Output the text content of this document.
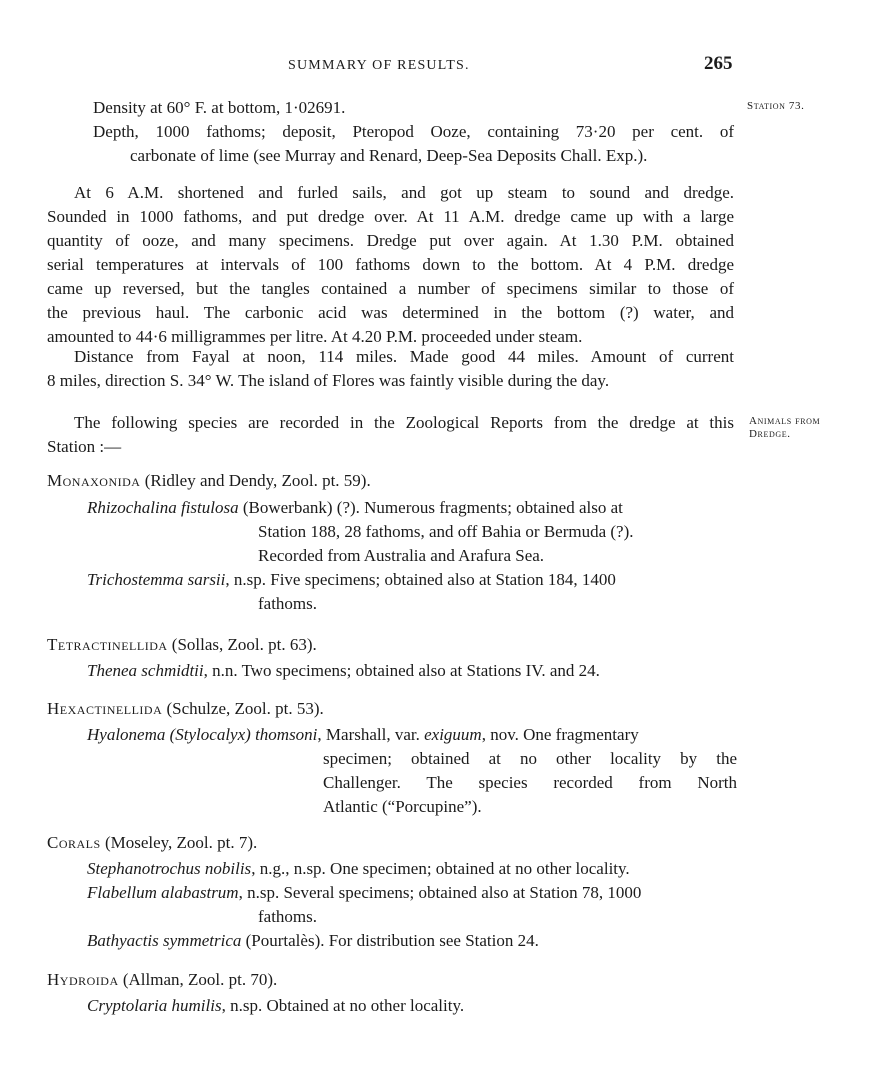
SUMMARY OF RESULTS.	265
Station 73.
Animals from
Dredge.
Density at 60° F. at bottom, 1·02691.
Depth, 1000 fathoms; deposit, Pteropod Ooze, containing 73·20 per cent. of
carbonate of lime (see Murray and Renard, Deep-Sea Deposits Chall. Exp.).
At 6 A.M. shortened and furled sails, and got up steam to sound and dredge.
Sounded in 1000 fathoms, and put dredge over. At 11 A.M. dredge came up with a large
quantity of ooze, and many specimens. Dredge put over again. At 1.30 P.M. obtained
serial temperatures at intervals of 100 fathoms down to the bottom. At 4 P.M. dredge
came up reversed, but the tangles contained a number of specimens similar to those of
the previous haul. The carbonic acid was determined in the bottom (?) water, and
amounted to 44·6 milligrammes per litre. At 4.20 P.M. proceeded under steam.
Distance from Fayal at noon, 114 miles. Made good 44 miles. Amount of current
8 miles, direction S. 34° W. The island of Flores was faintly visible during the day.
The following species are recorded in the Zoological Reports from the dredge at this
Station :—
Monaxonida (Ridley and Dendy, Zool. pt. 59).
Rhizochalina fistulosa (Bowerbank) (?). Numerous fragments; obtained also at
Station 188, 28 fathoms, and off Bahia or Bermuda (?).
Recorded from Australia and Arafura Sea.
Trichostemma sarsii, n.sp. Five specimens; obtained also at Station 184, 1400
fathoms.
Tetractinellida (Sollas, Zool. pt. 63).
Thenea schmidtii, n.n. Two specimens; obtained also at Stations IV. and 24.
Hexactinellida (Schulze, Zool. pt. 53).
Hyalonema (Stylocalyx) thomsoni, Marshall, var. exiguum, nov. One fragmentary
specimen; obtained at no other locality by the
Challenger. The species recorded from North
Atlantic (“Porcupine”).
Corals (Moseley, Zool. pt. 7).
Stephanotrochus nobilis, n.g., n.sp. One specimen; obtained at no other locality.
Flabellum alabastrum, n.sp. Several specimens; obtained also at Station 78, 1000
fathoms.
Bathyactis symmetrica (Pourtalès). For distribution see Station 24.
Hydroida (Allman, Zool. pt. 70).
Cryptolaria humilis, n.sp. Obtained at no other locality.
